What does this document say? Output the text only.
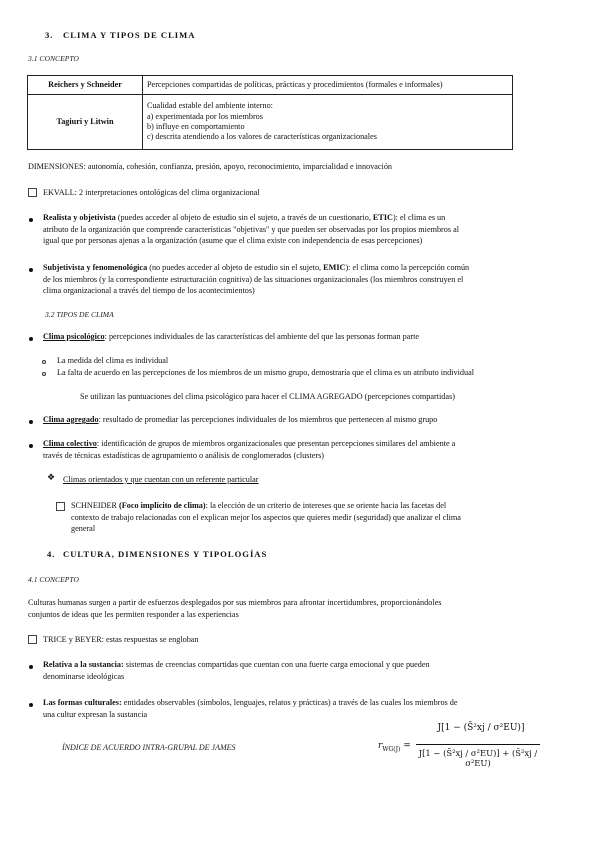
3. CLIMA Y TIPOS DE CLIMA
3.1 CONCEPTO
Reichers y Schneider	Percepciones compartidas de políticas, prácticas y procedimientos (formales e informales)
Tagiuri y Litwin	Cualidad estable del ambiente interno:
a) experimentada por los miembros
b) influye en comportamiento
c) descrita atendiendo a los valores de características organizacionales
DIMENSIONES: autonomía, cohesión, confianza, presión, apoyo, reconocimiento, imparcialidad e innovación
EKVALL: 2 interpretaciones ontológicas del clima organizacional
Realista y objetivista (puedes acceder al objeto de estudio sin el sujeto, a través de un cuestionario, ETIC): el clima es un
atributo de la organización que comprende características "objetivas" y que pueden ser observadas por los propios miembros al
igual que por personas ajenas a la organización (asume que el clima existe con independencia de esas percepciones)
Subjetivista y fenomenológica (no puedes acceder al objeto de estudio sin el sujeto, EMIC): el clima como la percepción común
de los miembros (y la correspondiente estructuración cognitiva) de las situaciones organizacionales (los miembros construyen el
clima organizacional a través del tiempo de los acontecimientos)
3.2 TIPOS DE CLIMA
Clima psicológico: percepciones individuales de las características del ambiente del que las personas forman parte
La medida del clima es individual
La falta de acuerdo en las percepciones de los miembros de un mismo grupo, demostraría que el clima es un atributo individual
Se utilizan las puntuaciones del clima psicológico para hacer el CLIMA AGREGADO (percepciones compartidas)
Clima agregado: resultado de promediar las percepciones individuales de los miembros que pertenecen al mismo grupo
Clima colectivo: identificación de grupos de miembros organizacionales que presentan percepciones similares del ambiente a
través de técnicas estadísticas de agrupamiento o análisis de conglomerados (clusters)
❖ Climas orientados y que cuentan con un referente particular
SCHNEIDER (Foco implícito de clima): la elección de un criterio de intereses que se oriente hacia las facetas del
contexto de trabajo relacionadas con el explican mejor los aspectos que quieres medir (seguridad) que analizar el clima
general
4. CULTURA, DIMENSIONES Y TIPOLOGÍAS
4.1 CONCEPTO
Culturas humanas surgen a partir de esfuerzos desplegados por sus miembros para afrontar incertidumbres, proporcionándoles
conjuntos de ideas que les permiten responder a las experiencias
TRICE y BEYER: estas respuestas se engloban
Relativa a la sustancia: sistemas de creencias compartidas que cuentan con una fuerte carga emocional y que pueden
denominarse ideológicas
Las formas culturales: entidades observables (símbolos, lenguajes, relatos y prácticas) a través de las cuales los miembros de
una cultur expresan la sustancia
ÍNDICE DE ACUERDO INTRA-GRUPAL DE JAMES	$r_{WG(J)}$ =
J[1 − (S̄²xj / σ²EU)]
J[1 − (S̄²xj / σ²EU)] + (S̄²xj / σ²EU)
